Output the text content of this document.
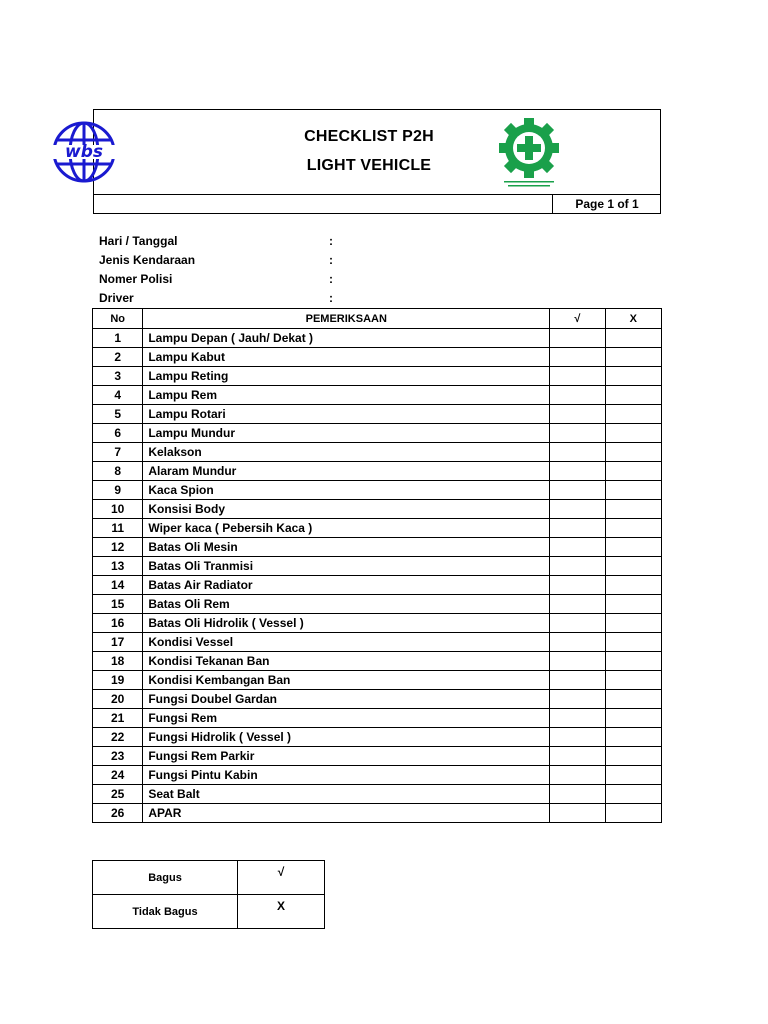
wbs
CHECKLIST P2H
LIGHT VEHICLE
Page 1 of 1
Hari / Tanggal	:
Jenis Kendaraan	:
Nomer Polisi	:
Driver	:
No	PEMERIKSAAN	√	X
1	Lampu Depan ( Jauh/ Dekat )		
2	Lampu Kabut		
3	Lampu Reting		
4	Lampu Rem		
5	Lampu Rotari		
6	Lampu Mundur		
7	Kelakson		
8	Alaram Mundur		
9	Kaca Spion		
10	Konsisi Body		
11	Wiper kaca ( Pebersih Kaca )		
12	Batas Oli Mesin		
13	Batas Oli Tranmisi		
14	Batas Air Radiator		
15	Batas Oli Rem		
16	Batas Oli Hidrolik ( Vessel )		
17	Kondisi Vessel		
18	Kondisi Tekanan Ban		
19	Kondisi Kembangan Ban		
20	Fungsi Doubel Gardan		
21	Fungsi Rem		
22	Fungsi Hidrolik ( Vessel )		
23	Fungsi Rem Parkir		
24	Fungsi Pintu Kabin		
25	Seat Balt		
26	APAR		
Bagus	√
Tidak Bagus	X
